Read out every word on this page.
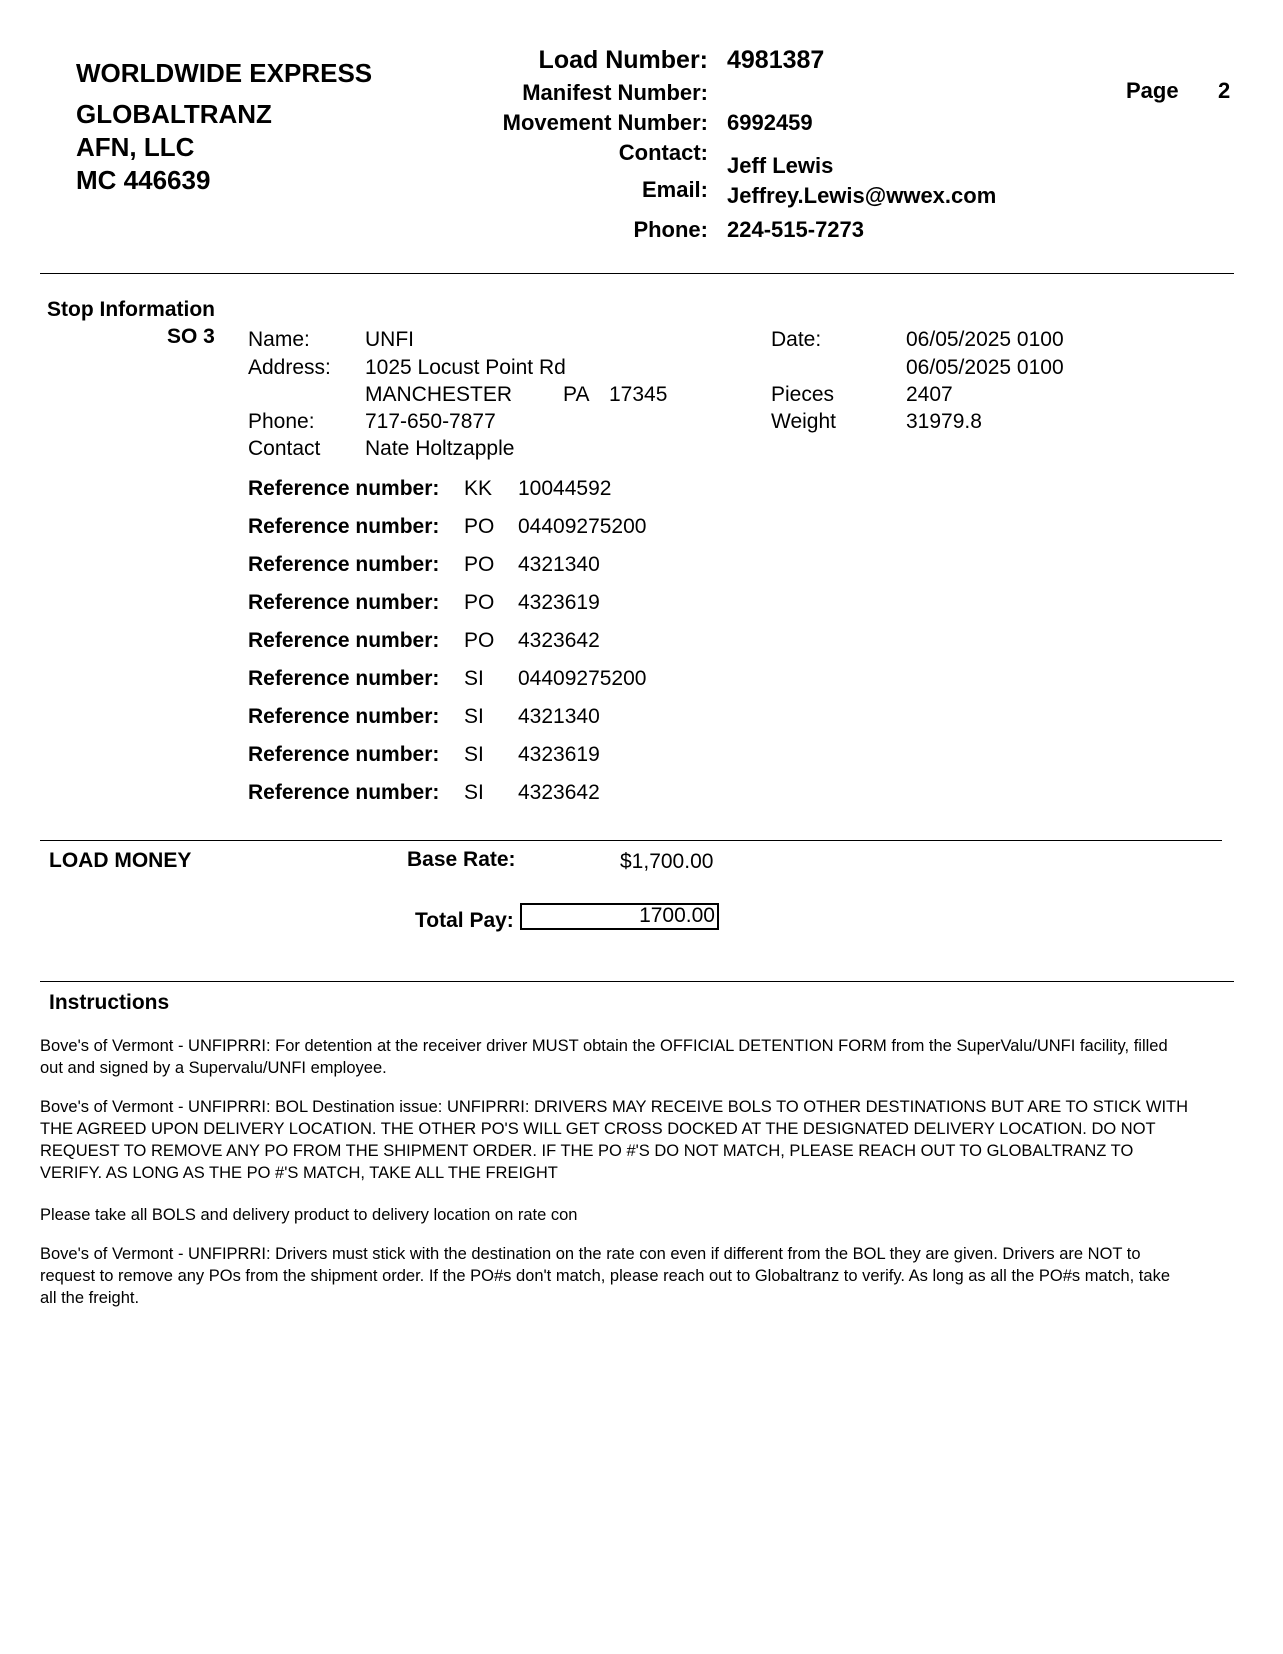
WORLDWIDE EXPRESS
GLOBALTRANZ
AFN, LLC
MC 446639
Load Number: 4981387
Manifest Number:
Movement Number: 6992459
Contact:
Jeff Lewis
Email: Jeffrey.Lewis@wwex.com
Phone: 224-515-7273
Page 2
Stop Information
SO 3 Name:	UNFI
Address: 1025 Locust Point Rd
MANCHESTER PA 17345
Phone: 717-650-7877
Contact Nate Holtzapple
Date:	06/05/2025 0100
06/05/2025 0100
Pieces	2407
Weight	31979.8
Reference number: KK 10044592
Reference number: PO 04409275200
Reference number: PO 4321340
Reference number: PO 4323619
Reference number: PO 4323642
Reference number: SI 04409275200
Reference number: SI 4321340
Reference number: SI 4323619
Reference number: SI 4323642
LOAD MONEY	Base Rate:	$1,700.00
Total Pay:	1700.00
Instructions
Bove's of Vermont - UNFIPRRI: For detention at the receiver driver MUST obtain the OFFICIAL DETENTION FORM from the SuperValu/UNFI facility, filled out and signed by a Supervalu/UNFI employee.
Bove's of Vermont - UNFIPRRI: BOL Destination issue: UNFIPRRI: DRIVERS MAY RECEIVE BOLS TO OTHER DESTINATIONS BUT ARE TO STICK WITH THE AGREED UPON DELIVERY LOCATION. THE OTHER PO'S WILL GET CROSS DOCKED AT THE DESIGNATED DELIVERY LOCATION. DO NOT REQUEST TO REMOVE ANY PO FROM THE SHIPMENT ORDER. IF THE PO #'S DO NOT MATCH, PLEASE REACH OUT TO GLOBALTRANZ TO VERIFY. AS LONG AS THE PO #'S MATCH, TAKE ALL THE FREIGHT
Please take all BOLS and delivery product to delivery location on rate con
Bove's of Vermont - UNFIPRRI: Drivers must stick with the destination on the rate con even if different from the BOL they are given. Drivers are NOT to request to remove any POs from the shipment order. If the PO#s don't match, please reach out to Globaltranz to verify. As long as all the PO#s match, take all the freight.
